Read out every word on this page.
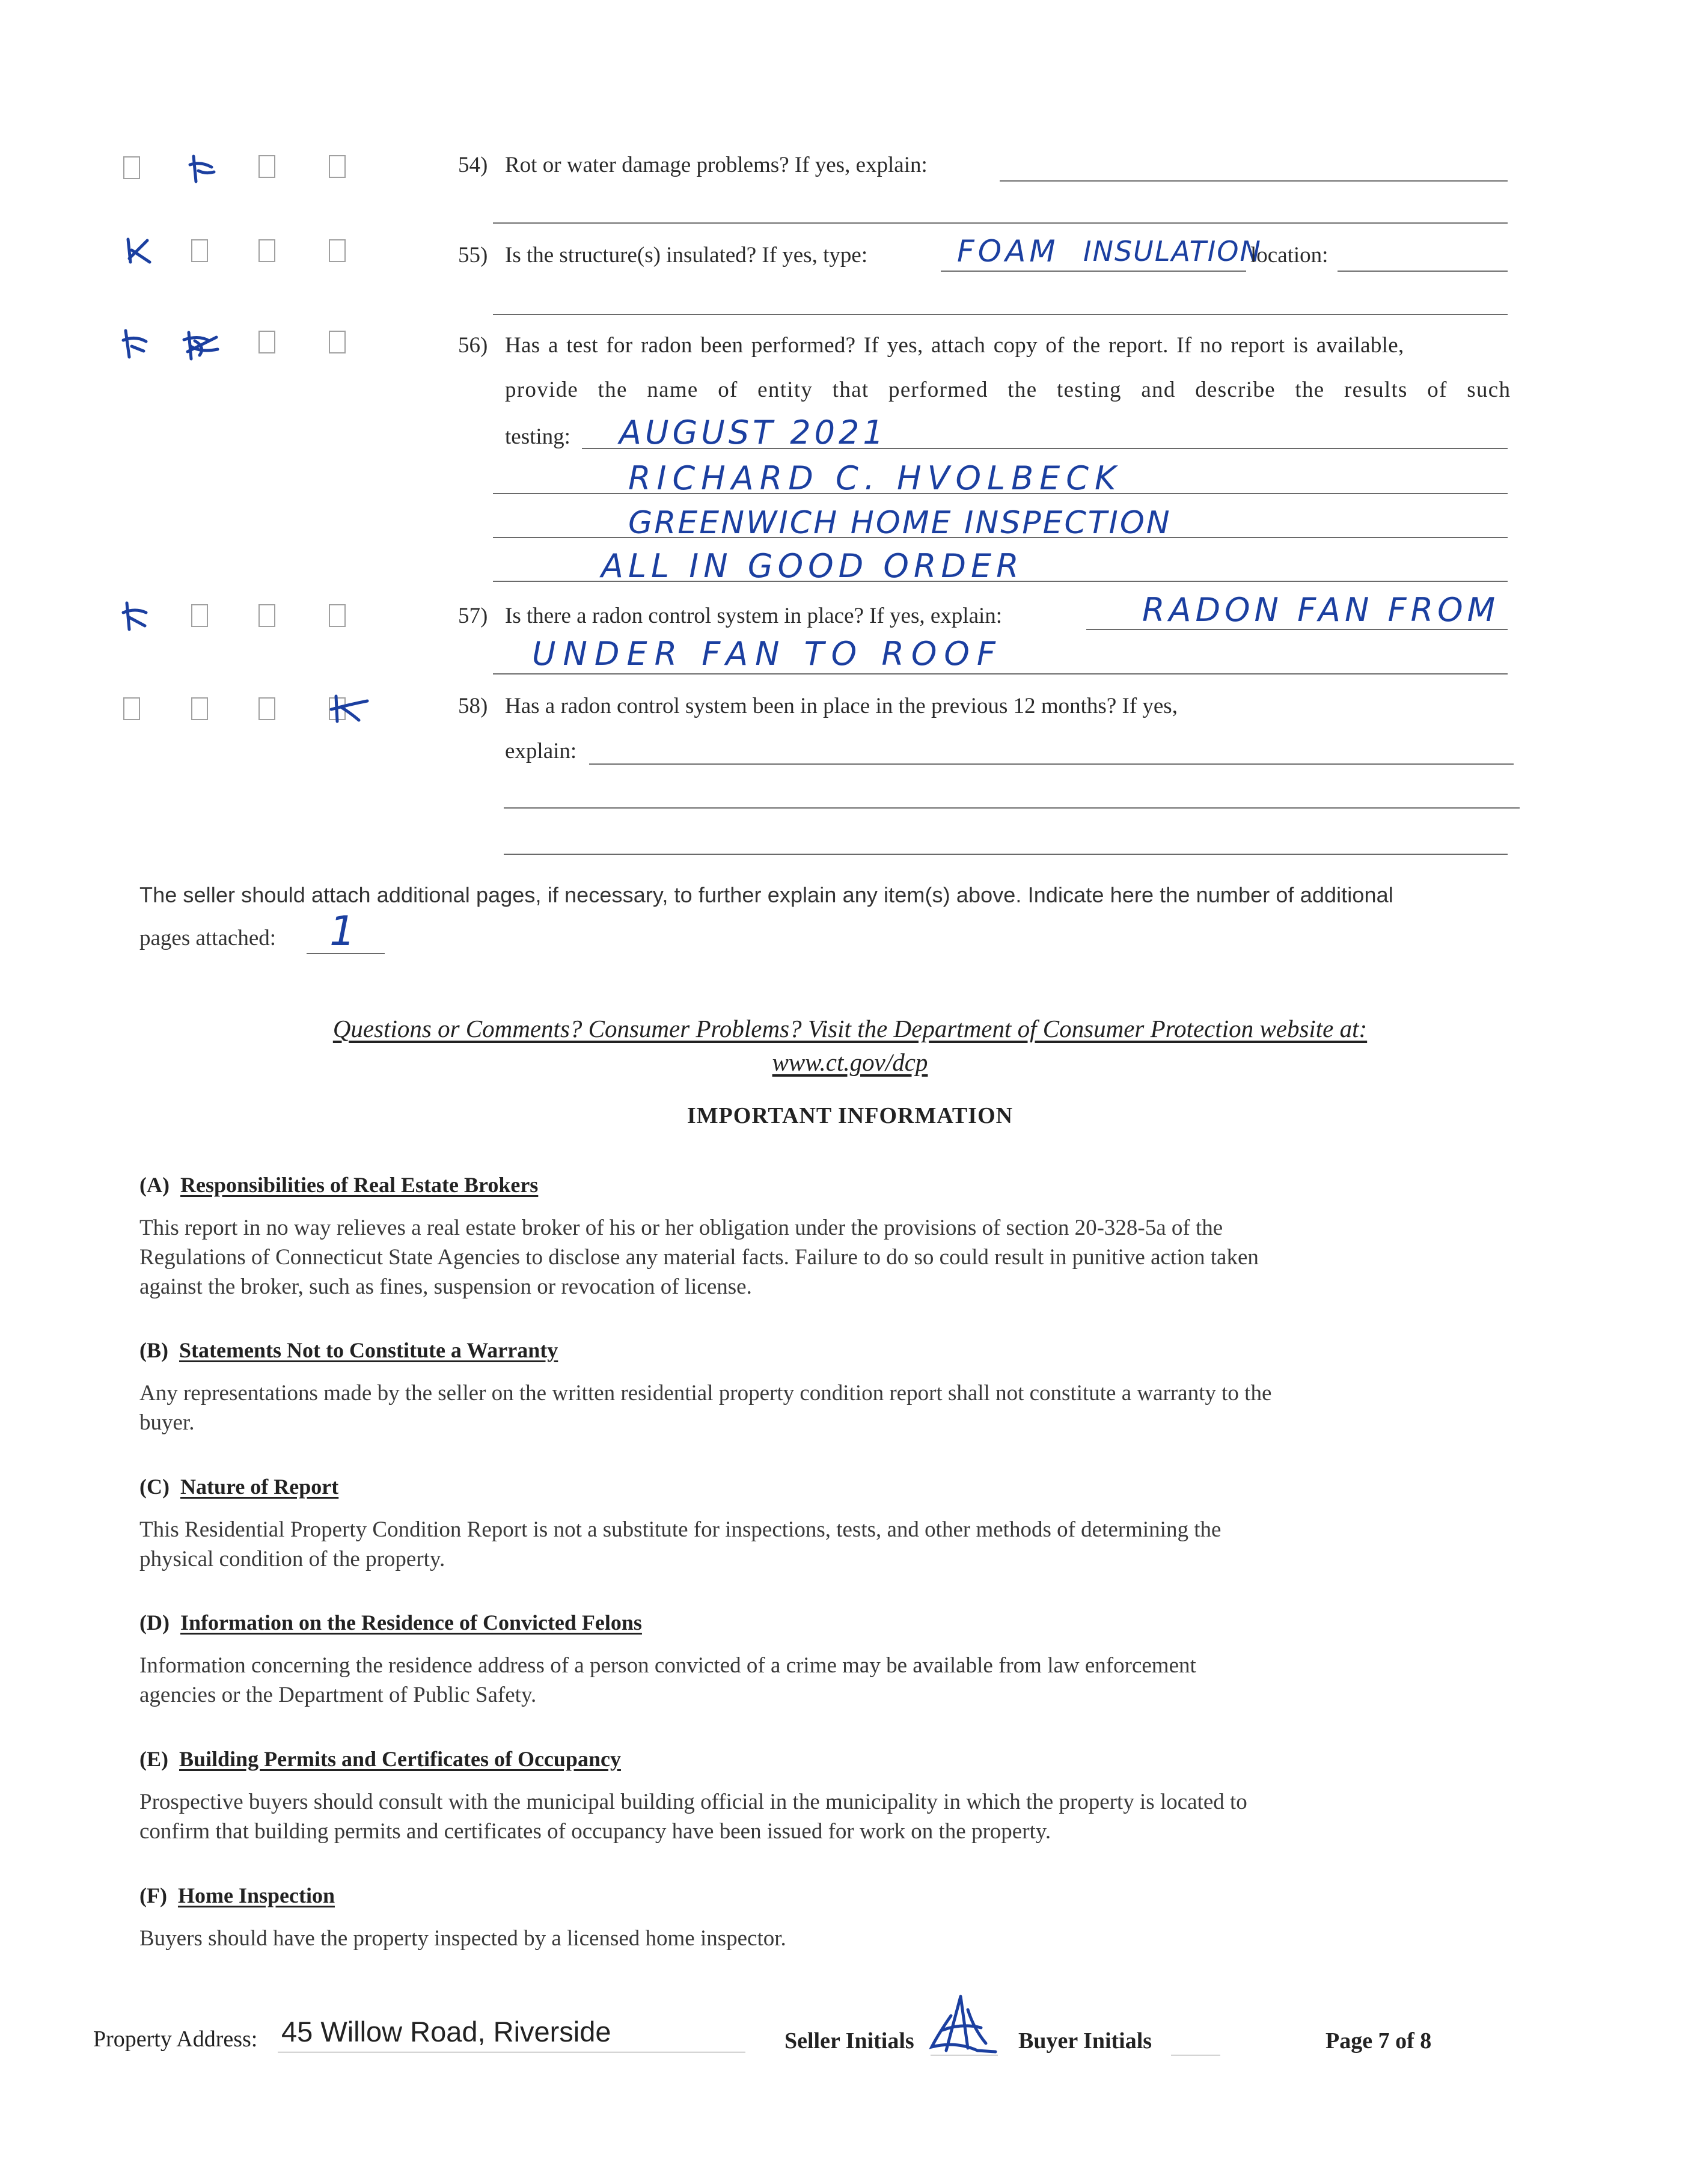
54) Rot or water damage problems? If yes, explain:
55) Is the structure(s) insulated? If yes, type:	FOAM INSULATION
location:
56) Has a test for radon been performed? If yes, attach copy of the report. If no report is available,
provide the name of entity that performed the testing and describe the results of such
testing: AUGUST 2021
RICHARD C. HVOLBECK
GREENWICH HOME INSPECTION
ALL IN GOOD ORDER
57) Is there a radon control system in place? If yes, explain:	RADON FAN FROM
UNDER FAN TO ROOF
58) Has a radon control system been in place in the previous 12 months? If yes,
explain:
The seller should attach additional pages, if necessary, to further explain any item(s) above. Indicate here the number of additional
pages attached: 1
Questions or Comments? Consumer Problems? Visit the Department of Consumer Protection website at:
www.ct.gov/dcp
IMPORTANT INFORMATION
(A) Responsibilities of Real Estate Brokers
This report in no way relieves a real estate broker of his or her obligation under the provisions of section 20-328-5a of the
Regulations of Connecticut State Agencies to disclose any material facts. Failure to do so could result in punitive action taken
against the broker, such as fines, suspension or revocation of license.
(B) Statements Not to Constitute a Warranty
Any representations made by the seller on the written residential property condition report shall not constitute a warranty to the
buyer.
(C) Nature of Report
This Residential Property Condition Report is not a substitute for inspections, tests, and other methods of determining the
physical condition of the property.
(D) Information on the Residence of Convicted Felons
Information concerning the residence address of a person convicted of a crime may be available from law enforcement
agencies or the Department of Public Safety.
(E) Building Permits and Certificates of Occupancy
Prospective buyers should consult with the municipal building official in the municipality in which the property is located to
confirm that building permits and certificates of occupancy have been issued for work on the property.
(F) Home Inspection
Buyers should have the property inspected by a licensed home inspector.
Property Address: 45 Willow Road, Riverside	Seller Initials	Buyer Initials	Page 7 of 8
